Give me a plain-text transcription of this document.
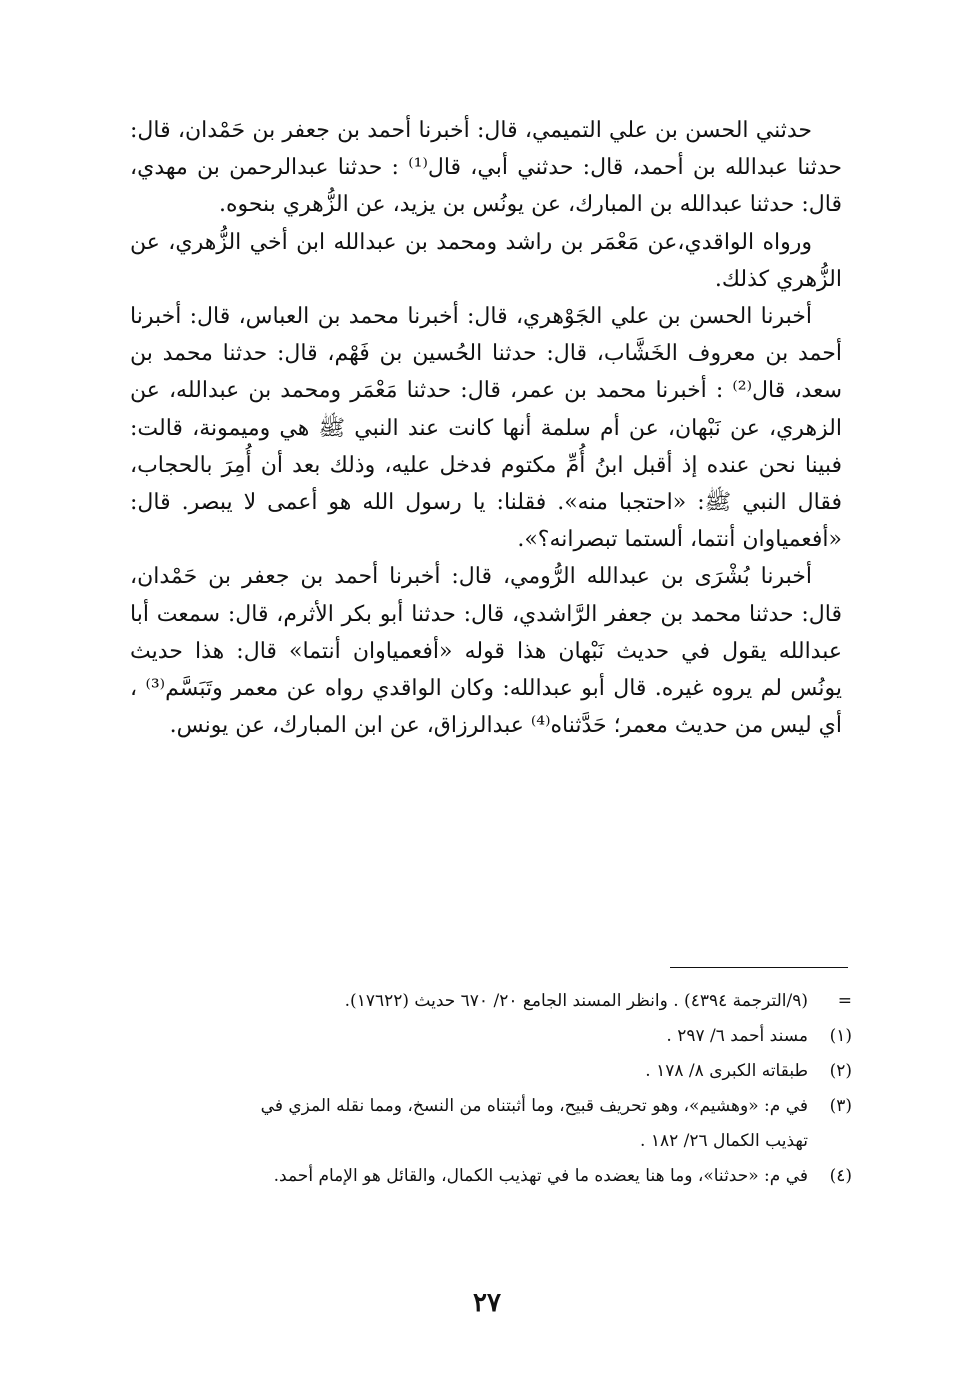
حدثني الحسن بن علي التميمي، قال: أخبرنا أحمد بن جعفر بن حَمْدان، قال: حدثنا عبدالله بن أحمد، قال: حدثني أبي، قال⁽¹⁾ : حدثنا عبدالرحمن بن مهدي، قال: حدثنا عبدالله بن المبارك، عن يونُس بن يزيد، عن الزُّهري بنحوه.

ورواه الواقدي،عن مَعْمَر بن راشد ومحمد بن عبدالله ابن أخي الزُّهري، عن الزُّهري كذلك.

أخبرنا الحسن بن علي الجَوْهري، قال: أخبرنا محمد بن العباس، قال: أخبرنا أحمد بن معروف الخَشَّاب، قال: حدثنا الحُسين بن فَهْم، قال: حدثنا محمد بن سعد، قال⁽²⁾ : أخبرنا محمد بن عمر، قال: حدثنا مَعْمَر ومحمد بن عبدالله، عن الزهري، عن نَبْهان، عن أم سلمة أنها كانت عند النبي ﷺ هي وميمونة، قالت: فبينا نحن عنده إذ أقبل ابنُ أُمِّ مكتوم فدخل عليه، وذلك بعد أن أُمِرَ بالحجاب، فقال النبي ﷺ: «احتجبا منه». فقلنا: يا رسول الله هو أعمى لا يبصر. قال: «أفعمياوان أنتما، ألستما تبصرانه؟».

أخبرنا بُشْرَى بن عبدالله الرُّومي، قال: أخبرنا أحمد بن جعفر بن حَمْدان، قال: حدثنا محمد بن جعفر الرَّاشدي، قال: حدثنا أبو بكر الأثرم، قال: سمعت أبا عبدالله يقول في حديث نَبْهان هذا قوله «أفعمياوان أنتما» قال: هذا حديث يونُس لم يروه غيره. قال أبو عبدالله: وكان الواقدي رواه عن معمر وتَبَسَّم⁽³⁾ ، أي ليس من حديث معمر؛ حَدَّثناه⁽⁴⁾ عبدالرزاق، عن ابن المبارك، عن يونس.

=
(٩/الترجمة ٤٣٩٤) . وانظر المسند الجامع ٢٠/ ٦٧٠ حديث (١٧٦٢٢).
(١)
مسند أحمد ٦/ ٢٩٧ .
(٢)
طبقاته الكبرى ٨/ ١٧٨ .
(٣)
في م: «وهشيم»، وهو تحريف قبيح، وما أثبتناه من النسخ، ومما نقله المزي في
تهذيب الكمال ٢٦/ ١٨٢ .
(٤)
في م: «حدثنا»، وما هنا يعضده ما في تهذيب الكمال، والقائل هو الإمام أحمد.
٢٧
